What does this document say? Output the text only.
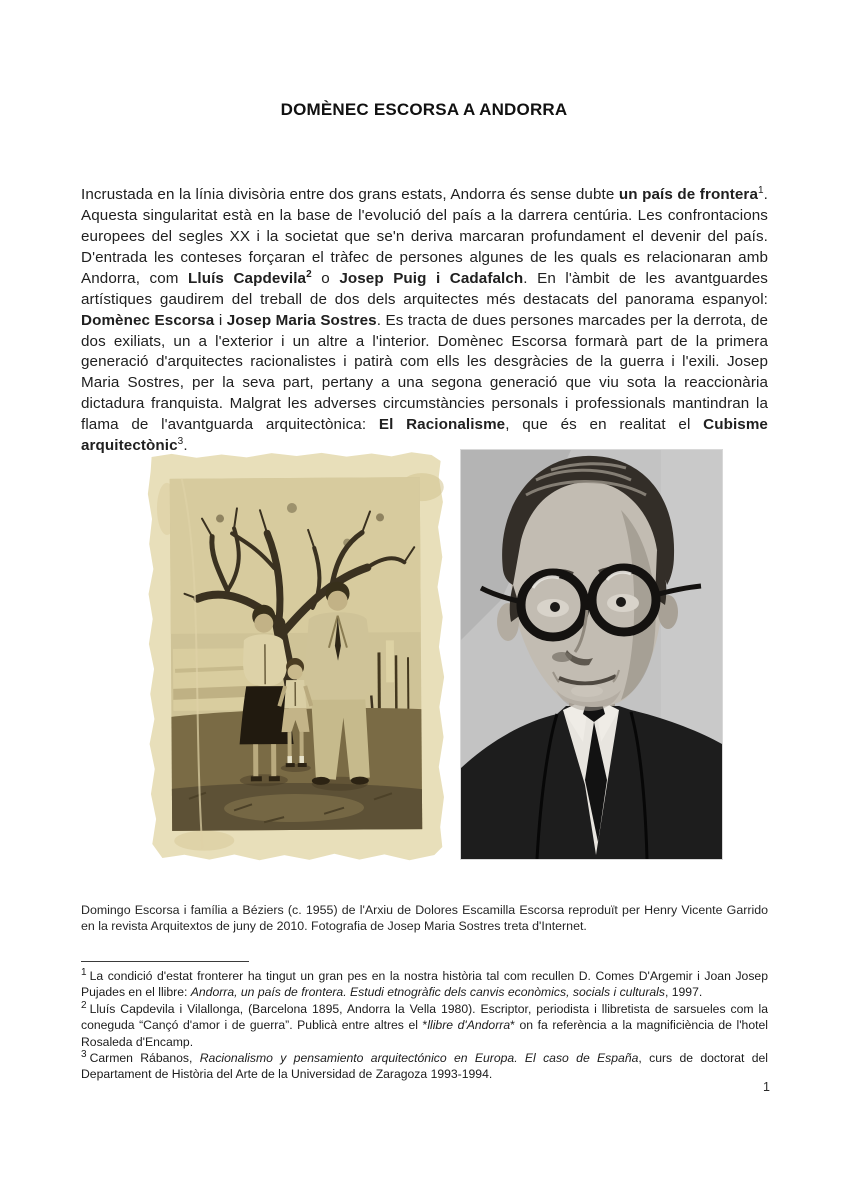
DOMÈNEC ESCORSA A ANDORRA

Incrustada en la línia divisòria entre dos grans estats, Andorra és sense dubte un país de frontera$^1$. Aquesta singularitat està en la base de l'evolució del país a la darrera centúria. Les confrontacions europees del segles XX i la societat que se'n deriva marcaran profundament el devenir del país. D'entrada les conteses forçaran el tràfec de persones algunes de les quals es relacionaran amb Andorra, com Lluís Capdevila$^2$ o Josep Puig i Cadafalch. En l'àmbit de les avantguardes artístiques gaudirem del treball de dos dels arquitectes més destacats del panorama espanyol: Domènec Escorsa i Josep Maria Sostres. Es tracta de dues persones marcades per la derrota, de dos exiliats, un a l'exterior i un altre a l'interior. Domènec Escorsa formarà part de la primera generació d'arquitectes racionalistes i patirà com ells les desgràcies de la guerra i l'exili. Josep Maria Sostres, per la seva part, pertany a una segona generació que viu sota la reaccionària dictadura franquista. Malgrat les adverses circumstàncies personals i professionals mantindran la flama de l'avantguarda arquitectònica: El Racionalisme, que és en realitat el Cubisme arquitectònic$^3$.

Domingo Escorsa i família a Béziers (c. 1955) de l'Arxiu de Dolores Escamilla Escorsa reproduït per Henry Vicente Garrido en la revista Arquitextos de juny de 2010. Fotografia de Josep Maria Sostres treta d'Internet.

$^1$ La condició d'estat fronterer ha tingut un gran pes en la nostra història tal com recullen D. Comes D'Argemir i Joan Josep Pujades en el llibre: Andorra, un país de frontera. Estudi etnogràfic dels canvis econòmics, socials i culturals, 1997.

$^2$ Lluís Capdevila i Vilallonga, (Barcelona 1895, Andorra la Vella 1980). Escriptor, periodista i llibretista de sarsueles com la coneguda “Cançó d'amor i de guerra”. Publicà entre altres el *llibre d'Andorra* on fa referència a la magnificiència de l'hotel Rosaleda d'Encamp.

$^3$ Carmen Rábanos, Racionalismo y pensamiento arquitectónico en Europa. El caso de España, curs de doctorat del Departament de Història del Arte de la Universidad de Zaragoza 1993-1994.

1
